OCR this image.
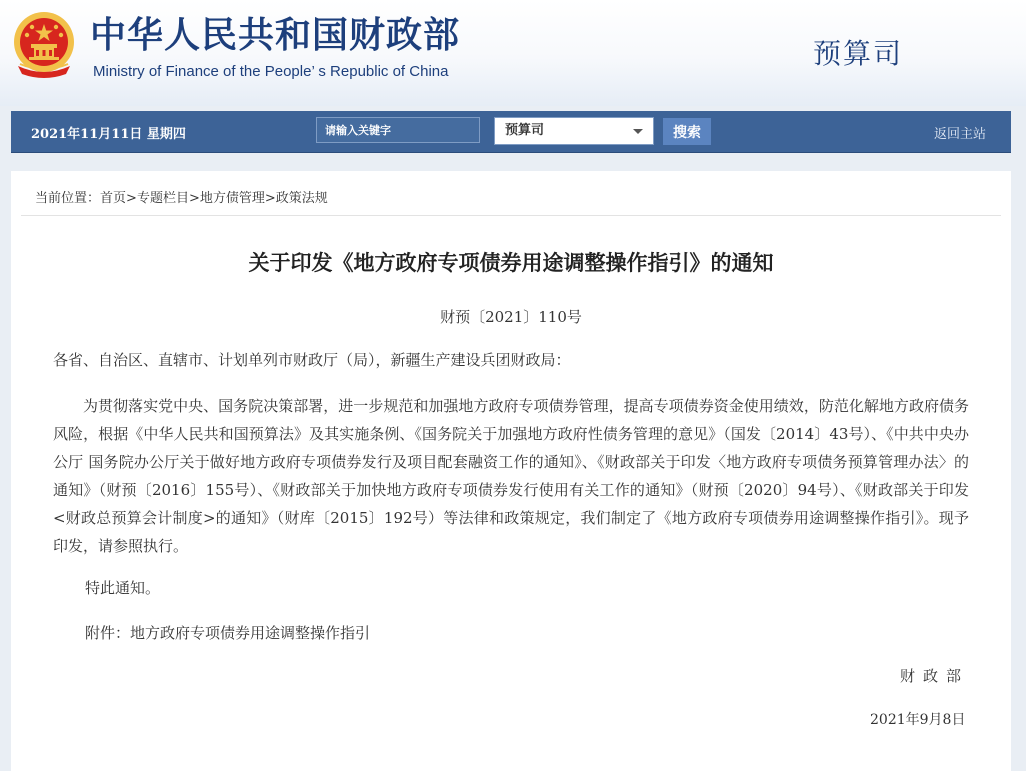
中华人民共和国财政部
Ministry of Finance of the People’ s Republic of China
预算司
2021年11月11日 星期四
请输入关键字	预算司	搜索	返回主站
当前位置：首页>专题栏目>地方债管理>政策法规
关于印发《地方政府专项债券用途调整操作指引》的通知
财预〔2021〕110号
各省、自治区、直辖市、计划单列市财政厅（局），新疆生产建设兵团财政局：

为贯彻落实党中央、国务院决策部署，进一步规范和加强地方政府专项债券管理，提高专项债券资金使用绩效，防范化解地方政府债务风险，根据《中华人民共和国预算法》及其实施条例、《国务院关于加强地方政府性债务管理的意见》（国发〔2014〕43号）、《中共中央办公厅 国务院办公厅关于做好地方政府专项债券发行及项目配套融资工作的通知》、《财政部关于印发〈地方政府专项债务预算管理办法〉的通知》（财预〔2016〕155号）、《财政部关于加快地方政府专项债券发行使用有关工作的通知》（财预〔2020〕94号）、《财政部关于印发<财政总预算会计制度>的通知》（财库〔2015〕192号）等法律和政策规定，我们制定了《地方政府专项债券用途调整操作指引》。现予印发，请参照执行。

特此通知。
附件：地方政府专项债券用途调整操作指引
财政部
2021年9月8日
